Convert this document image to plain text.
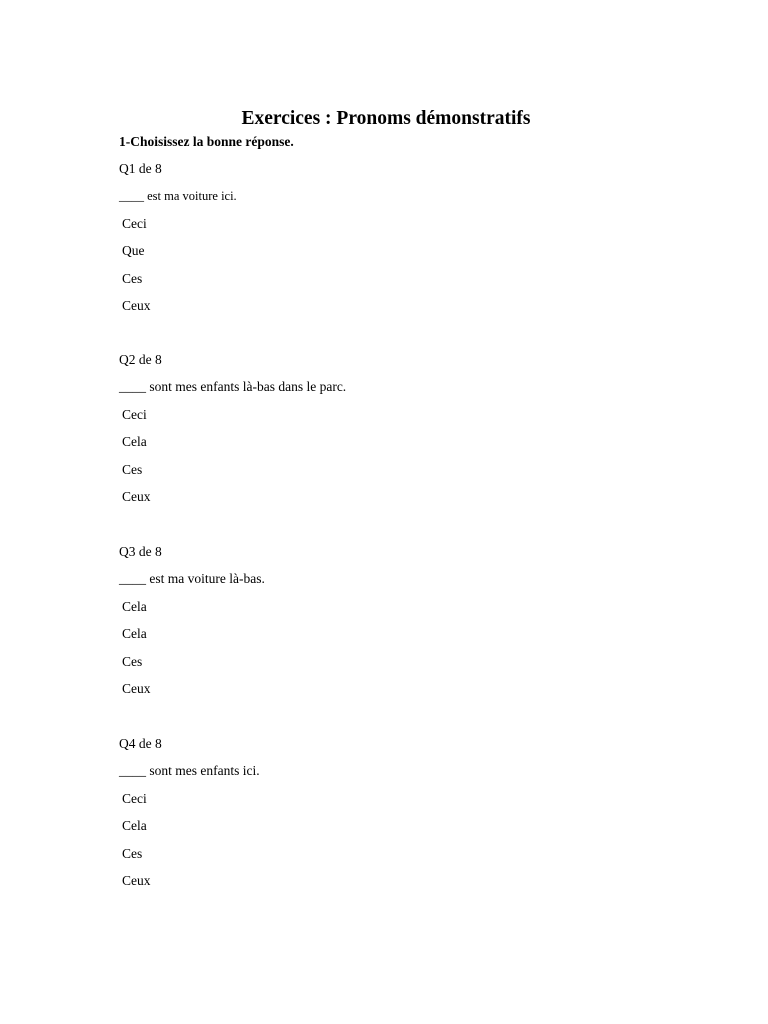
Exercices : Pronoms démonstratifs
1-Choisissez la bonne réponse.
Q1 de 8
____ est ma voiture ici.
Ceci
Que
Ces
Ceux
Q2 de 8
____ sont mes enfants là-bas dans le parc.
Ceci
Cela
Ces
Ceux
Q3 de 8
____ est ma voiture là-bas.
Cela
Cela
Ces
Ceux
Q4 de 8
____ sont mes enfants ici.
Ceci
Cela
Ces
Ceux
